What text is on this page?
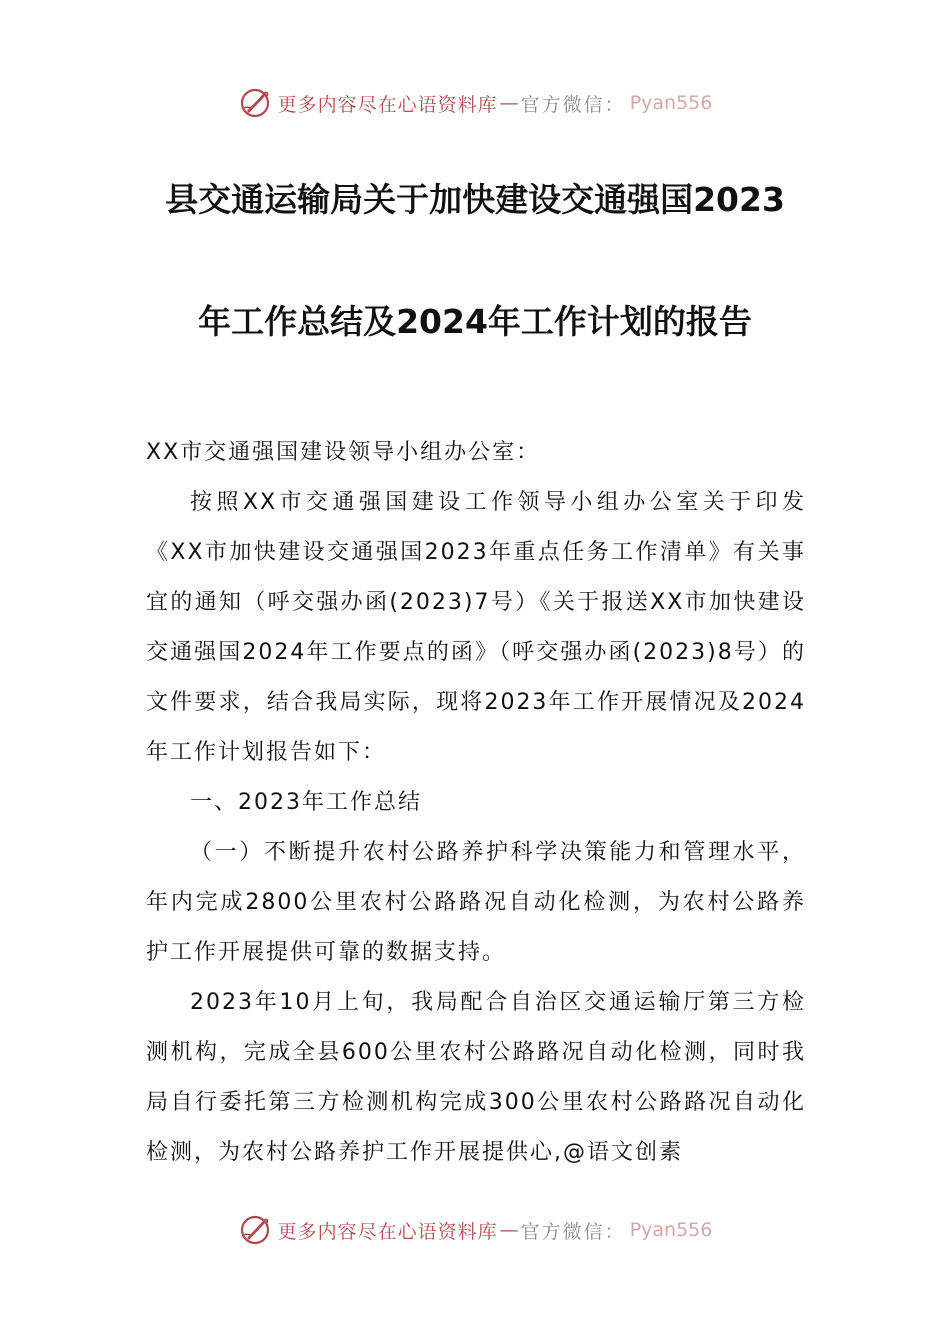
更多内容尽在心语资料库 — 官方微信： Pyan556
县交通运输局关于加快建设交通强国2023
年工作总结及2024年工作计划的报告

XX市交通强国建设领导小组办公室：

按照XX市交通强国建设工作领导小组办公室关于印发《XX市加快建设交通强国2023年重点任务工作清单》有关事宜的通知（呼交强办函(2023)7号）《关于报送XX市加快建设交通强国2024年工作要点的函》（呼交强办函(2023)8号）的文件要求，结合我局实际，现将2023年工作开展情况及2024年工作计划报告如下：

一、2023年工作总结

（一）不断提升农村公路养护科学决策能力和管理水平，年内完成2800公里农村公路路况自动化检测，为农村公路养护工作开展提供可靠的数据支持。

2023年10月上旬，我局配合自治区交通运输厅第三方检测机构，完成全县600公里农村公路路况自动化检测，同时我局自行委托第三方检测机构完成300公里农村公路路况自动化检测，为农村公路养护工作开展提供心,@语文创素

更多内容尽在心语资料库 — 官方微信： Pyan556
